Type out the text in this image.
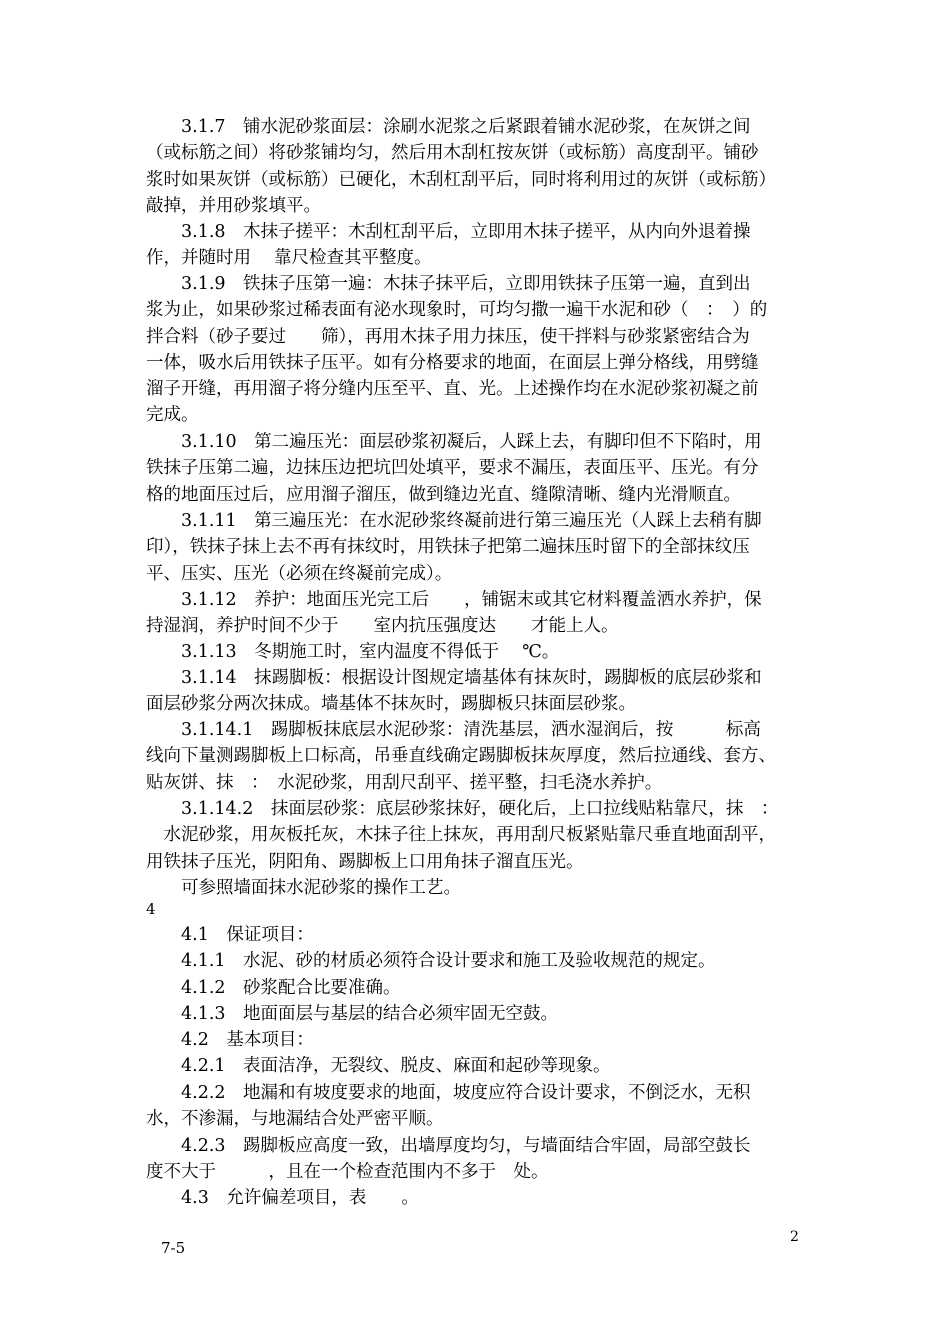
　　3.1.7　铺水泥砂浆面层：涂刷水泥浆之后紧跟着铺水泥砂浆，在灰饼之间
（或标筋之间）将砂浆铺均匀，然后用木刮杠按灰饼（或标筋）高度刮平。铺砂
浆时如果灰饼（或标筋）已硬化，木刮杠刮平后，同时将利用过的灰饼（或标筋）
敲掉，并用砂浆填平。
　　3.1.8　木抹子搓平：木刮杠刮平后，立即用木抹子搓平，从内向外退着操
作，并随时用　 靠尺检查其平整度。
　　3.1.9　铁抹子压第一遍：木抹子抹平后，立即用铁抹子压第一遍，直到出
浆为止，如果砂浆过稀表面有泌水现象时，可均匀撒一遍干水泥和砂（　：　）的
拌合料（砂子要过　　筛），再用木抹子用力抹压，使干拌料与砂浆紧密结合为
一体，吸水后用铁抹子压平。如有分格要求的地面，在面层上弹分格线，用劈缝
溜子开缝，再用溜子将分缝内压至平、直、光。上述操作均在水泥砂浆初凝之前
完成。
　　3.1.10　第二遍压光：面层砂浆初凝后，人踩上去，有脚印但不下陷时，用
铁抹子压第二遍，边抹压边把坑凹处填平，要求不漏压，表面压平、压光。有分
格的地面压过后，应用溜子溜压，做到缝边光直、缝隙清晰、缝内光滑顺直。
　　3.1.11　第三遍压光：在水泥砂浆终凝前进行第三遍压光（人踩上去稍有脚
印），铁抹子抹上去不再有抹纹时，用铁抹子把第二遍抹压时留下的全部抹纹压
平、压实、压光（必须在终凝前完成）。
　　3.1.12　养护：地面压光完工后　　，铺锯末或其它材料覆盖洒水养护，保
持湿润，养护时间不少于　　室内抗压强度达　　才能上人。
　　3.1.13　冬期施工时，室内温度不得低于　 ℃。
　　3.1.14　抹踢脚板：根据设计图规定墙基体有抹灰时，踢脚板的底层砂浆和
面层砂浆分两次抹成。墙基体不抹灰时，踢脚板只抹面层砂浆。
　　3.1.14.1　踢脚板抹底层水泥砂浆：清洗基层，洒水湿润后，按　　　标高
线向下量测踢脚板上口标高，吊垂直线确定踢脚板抹灰厚度，然后拉通线、套方、
贴灰饼、抹　：　水泥砂浆，用刮尺刮平、搓平整，扫毛浇水养护。
　　3.1.14.2　抹面层砂浆：底层砂浆抹好，硬化后，上口拉线贴粘靠尺，抹　：
　水泥砂浆，用灰板托灰，木抹子往上抹灰，再用刮尺板紧贴靠尺垂直地面刮平，
用铁抹子压光，阴阳角、踢脚板上口用角抹子溜直压光。
　　可参照墙面抹水泥砂浆的操作工艺。
4　　　　
　　4.1　保证项目：
　　4.1.1　水泥、砂的材质必须符合设计要求和施工及验收规范的规定。
　　4.1.2　砂浆配合比要准确。
　　4.1.3　地面面层与基层的结合必须牢固无空鼓。
　　4.2　基本项目：
　　4.2.1　表面洁净，无裂纹、脱皮、麻面和起砂等现象。
　　4.2.2　地漏和有坡度要求的地面，坡度应符合设计要求，不倒泛水，无积
水，不渗漏，与地漏结合处严密平顺。
　　4.2.3　踢脚板应高度一致，出墙厚度均匀，与墙面结合牢固，局部空鼓长
度不大于　　　，且在一个检查范围内不多于　处。
　　4.3　允许偏差项目，表　　。

　7-5
2
